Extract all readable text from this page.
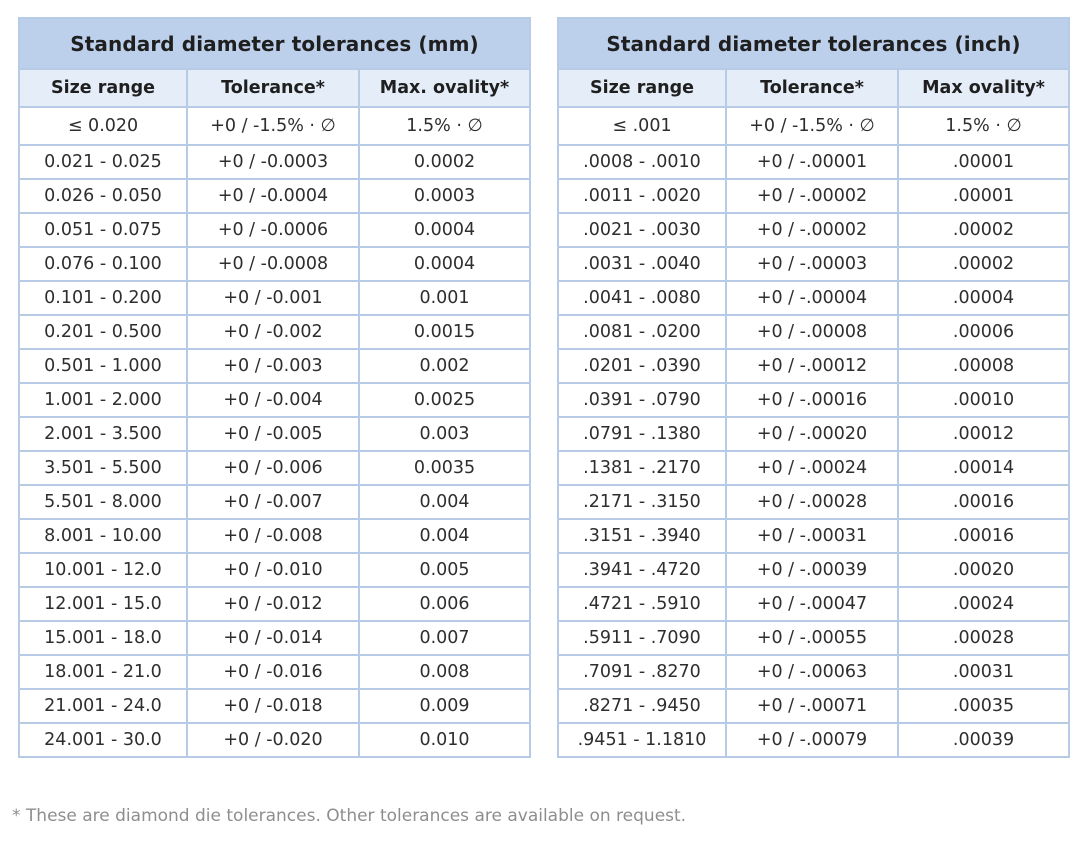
Standard diameter tolerances (mm)		
Size range	Tolerance*	Max. ovality*
≤ 0.020	+0 / -1.5% · ∅	1.5% · ∅
0.021 - 0.025	+0 / -0.0003	0.0002
0.026 - 0.050	+0 / -0.0004	0.0003
0.051 - 0.075	+0 / -0.0006	0.0004
0.076 - 0.100	+0 / -0.0008	0.0004
0.101 - 0.200	+0 / -0.001	0.001
0.201 - 0.500	+0 / -0.002	0.0015
0.501 - 1.000	+0 / -0.003	0.002
1.001 - 2.000	+0 / -0.004	0.0025
2.001 - 3.500	+0 / -0.005	0.003
3.501 - 5.500	+0 / -0.006	0.0035
5.501 - 8.000	+0 / -0.007	0.004
8.001 - 10.00	+0 / -0.008	0.004
10.001 - 12.0	+0 / -0.010	0.005
12.001 - 15.0	+0 / -0.012	0.006
15.001 - 18.0	+0 / -0.014	0.007
18.001 - 21.0	+0 / -0.016	0.008
21.001 - 24.0	+0 / -0.018	0.009
24.001 - 30.0	+0 / -0.020	0.010
Standard diameter tolerances (inch)		
Size range	Tolerance*	Max ovality*
≤ .001	+0 / -1.5% · ∅	1.5% · ∅
.0008 - .0010	+0 / -.00001	.00001
.0011 - .0020	+0 / -.00002	.00001
.0021 - .0030	+0 / -.00002	.00002
.0031 - .0040	+0 / -.00003	.00002
.0041 - .0080	+0 / -.00004	.00004
.0081 - .0200	+0 / -.00008	.00006
.0201 - .0390	+0 / -.00012	.00008
.0391 - .0790	+0 / -.00016	.00010
.0791 - .1380	+0 / -.00020	.00012
.1381 - .2170	+0 / -.00024	.00014
.2171 - .3150	+0 / -.00028	.00016
.3151 - .3940	+0 / -.00031	.00016
.3941 - .4720	+0 / -.00039	.00020
.4721 - .5910	+0 / -.00047	.00024
.5911 - .7090	+0 / -.00055	.00028
.7091 - .8270	+0 / -.00063	.00031
.8271 - .9450	+0 / -.00071	.00035
.9451 - 1.1810	+0 / -.00079	.00039
* These are diamond die tolerances. Other tolerances are available on request.
